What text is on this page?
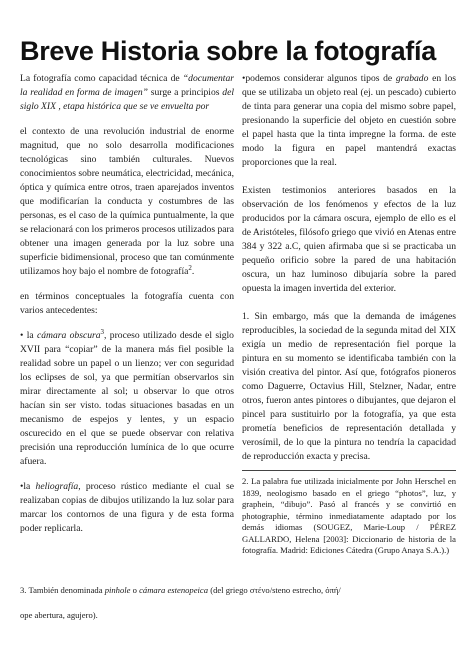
Breve Historia sobre la fotografía

La fotografía como capacidad técnica de “documentar la realidad en forma de imagen” surge a principios del siglo XIX , etapa histórica que se ve envuelta por

el contexto de una revolución industrial de enorme magnitud, que no solo desarrolla modificaciones tecnológicas sino también culturales. Nuevos conocimientos sobre neumática, electricidad, mecánica, óptica y química entre otros, traen aparejados inventos que modificarían la conducta y costumbres de las personas, es el caso de la química puntualmente, la que se relacionará con los primeros procesos utilizados para obtener una imagen generada por la luz sobre una superficie bidimensional, proceso que tan comúnmente utilizamos hoy bajo el nombre de fotografía$^2$.

en términos conceptuales la fotografía cuenta con varios antecedentes:

• la cámara obscura$^3$, proceso utilizado desde el siglo XVII para “copiar” de la manera más fiel posible la realidad sobre un papel o un lienzo; ver con seguridad los eclipses de sol, ya que permitían observarlos sin mirar directamente al sol; u observar lo que otros hacían sin ser visto. todas situaciones basadas en un mecanismo de espejos y lentes, y un espacio oscurecido en el que se puede observar con relativa precisión una reproducción lumínica de lo que ocurre afuera.

•la heliografía, proceso rústico mediante el cual se realizaban copias de dibujos utilizando la luz solar para marcar los contornos de una figura y de esta forma poder replicarla.

•podemos considerar algunos tipos de grabado en los que se utilizaba un objeto real (ej. un pescado) cubierto de tinta para generar una copia del mismo sobre papel, presionando la superficie del objeto en cuestión sobre el papel hasta que la tinta impregne la forma. de este modo la figura en papel mantendrá exactas proporciones que la real.

Existen testimonios anteriores basados en la observación de los fenómenos y efectos de la luz producidos por la cámara oscura, ejemplo de ello es el de Aristóteles, filósofo griego que vivió en Atenas entre 384 y 322 a.C, quien afirmaba que si se practicaba un pequeño orificio sobre la pared de una habitación oscura, un haz luminoso dibujaría sobre la pared opuesta la imagen invertida del exterior.

1. Sin embargo, más que la demanda de imágenes reproducibles, la sociedad de la segunda mitad del XIX exigía un medio de representación fiel porque la pintura en su momento se identificaba también con la visión creativa del pintor. Así que, fotógrafos pioneros como Daguerre, Octavius Hill, Stelzner, Nadar, entre otros, fueron antes pintores o dibujantes, que dejaron el pincel para sustituirlo por la fotografía, ya que esta prometía beneficios de representación detallada y verosímil, de lo que la pintura no tendría la capacidad de reproducción exacta y precisa.

2. La palabra fue utilizada inicialmente por John Herschel en 1839, neologismo basado en el griego “photos”, luz, y graphein, “dibujo”. Pasó al francés y se convirtió en photographie, término inmediatamente adaptado por los demás idiomas (SOUGEZ, Marie-Loup / PÉREZ GALLARDO, Helena [2003]: Diccionario de historia de la fotografía. Madrid: Ediciones Cátedra (Grupo Anaya S.A.).)

3. También denominada pinhole o cámara estenopeica (del griego στένο/steno estrecho, όπή/
ope abertura, agujero).
